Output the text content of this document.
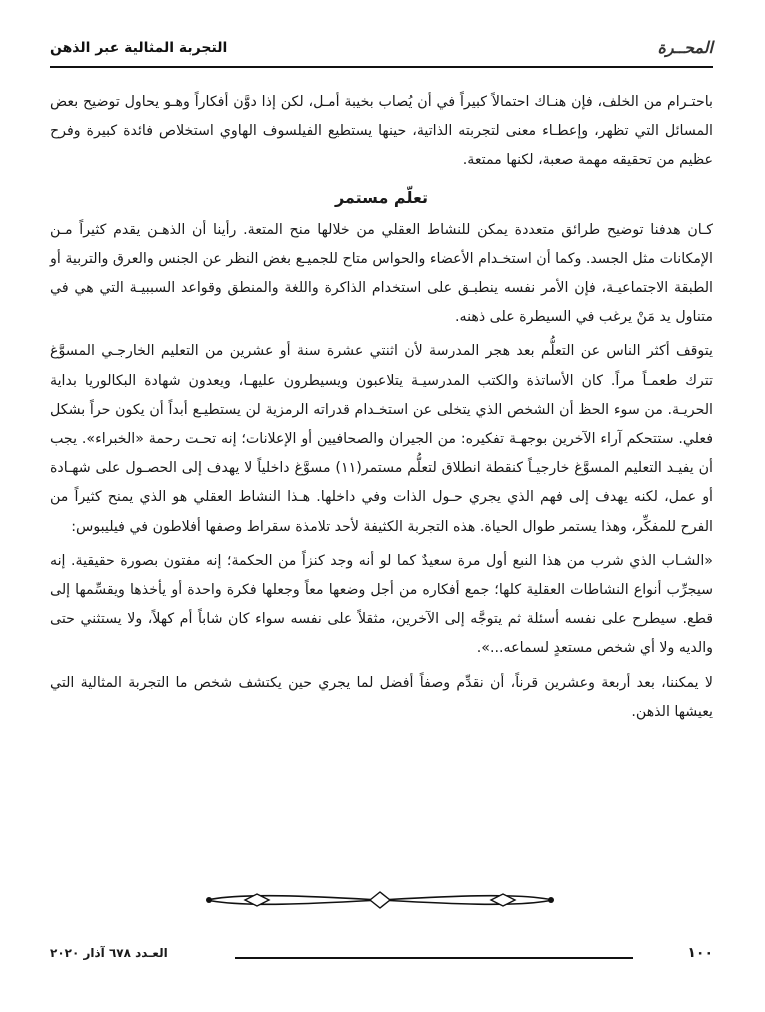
المحــرة
التجربة المثالية عبر الذهن

باحتـرام من الخلف، فإن هنـاك احتمالاً كبيراً في أن يُصاب بخيبة أمـل، لكن إذا دوَّن أفكاراً وهـو يحاول توضيح بعض المسائل التي تظهر، وإعطـاء معنى لتجربته الذاتية، حينها يستطيع الفيلسوف الهاوي استخلاص فائدة كبيرة وفرح عظيم من تحقيقه مهمة صعبة، لكنها ممتعة.

تعلّم مستمر

كـان هدفنا توضيح طرائق متعددة يمكن للنشاط العقلي من خلالها منح المتعة. رأينا أن الذهـن يقدم كثيراً مـن الإمكانات مثل الجسد. وكما أن استخـدام الأعضاء والحواس متاح للجميـع بغض النظر عن الجنس والعرق والتربية أو الطبقة الاجتماعيـة، فإن الأمر نفسه ينطبـق على استخدام الذاكرة واللغة والمنطق وقواعد السببيـة التي هي في متناول يد مَنْ يرغب في السيطرة على ذهنه.

يتوقف أكثر الناس عن التعلُّم بعد هجر المدرسة لأن اثنتي عشرة سنة أو عشرين من التعليم الخارجـي المسوَّغ تترك طعمـاً مراً. كان الأساتذة والكتب المدرسيـة يتلاعبون ويسيطرون عليهـا، ويعدون شهادة البكالوريا بداية الحريـة. من سوء الحظ أن الشخص الذي يتخلى عن استخـدام قدراته الرمزية لن يستطيـع أبداً أن يكون حراً بشكل فعلي. ستتحكم آراء الآخرين بوجهـة تفكيره: من الجيران والصحافيين أو الإعلانات؛ إنه تحـت رحمة «الخبراء». يجب أن يفيـد التعليم المسوَّغ خارجيـاً كنقطة انطلاق لتعلُّم مستمر(١١) مسوَّغ داخلياً لا يهدف إلى الحصـول على شهـادة أو عمل، لكنه يهدف إلى فهم الذي يجري حـول الذات وفي داخلها. هـذا النشاط العقلي هو الذي يمنح كثيراً من الفرح للمفكِّر، وهذا يستمر طوال الحياة. هذه التجربة الكثيفة لأحد تلامذة سقراط وصفها أفلاطون في فيليبوس:

«الشـاب الذي شرب من هذا النبع أول مرة سعيدٌ كما لو أنه وجد كنزاً من الحكمة؛ إنه مفتون بصورة حقيقية. إنه سيجرِّب أنواع النشاطات العقلية كلها؛ جمع أفكاره من أجل وضعها معاً وجعلها فكرة واحدة أو يأخذها ويقسِّمها إلى قطع. سيطرح على نفسه أسئلة ثم يتوجَّه إلى الآخرين، مثقلاً على نفسه سواء كان شاباً أم كهلاً، ولا يستثني حتى والديه ولا أي شخص مستعدٍ لسماعه...».

لا يمكننا، بعد أربعة وعشرين قرناً، أن نقدِّم وصفاً أفضل لما يجري حين يكتشف شخص ما التجربة المثالية التي يعيشها الذهن.

١٠٠
العـدد ٦٧٨ آذار ٢٠٢٠
